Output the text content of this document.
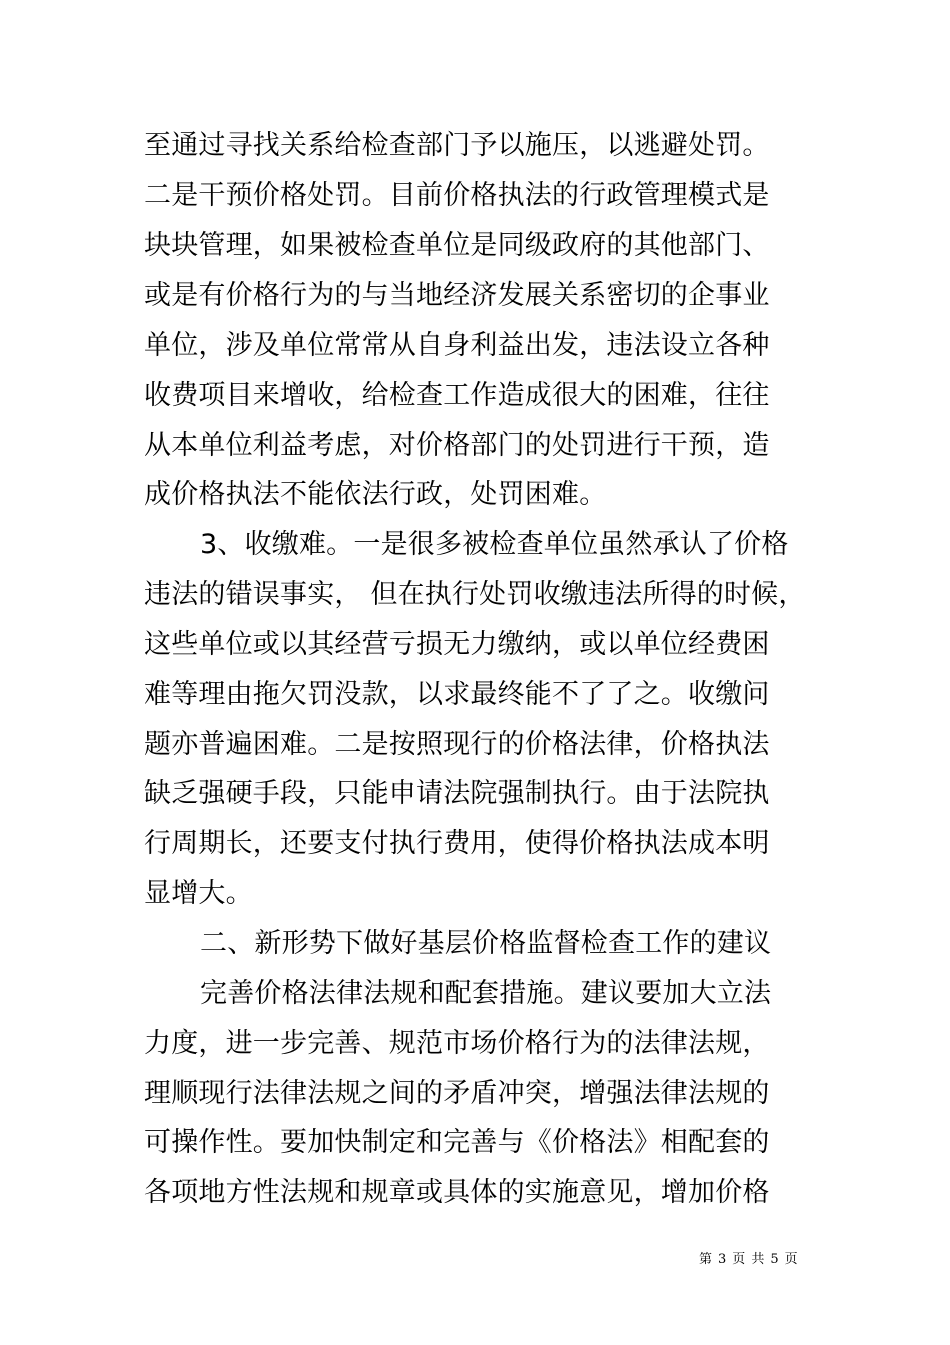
至通过寻找关系给检查部门予以施压，以逃避处罚。

二是干预价格处罚。目前价格执法的行政管理模式是

块块管理，如果被检查单位是同级政府的其他部门、

或是有价格行为的与当地经济发展关系密切的企事业

单位，涉及单位常常从自身利益出发，违法设立各种

收费项目来增收，给检查工作造成很大的困难，往往

从本单位利益考虑，对价格部门的处罚进行干预，造

成价格执法不能依法行政，处罚困难。

3、收缴难。一是很多被检查单位虽然承认了价格

违法的错误事实， 但在执行处罚收缴违法所得的时候，

这些单位或以其经营亏损无力缴纳，或以单位经费困

难等理由拖欠罚没款，以求最终能不了了之。收缴问

题亦普遍困难。二是按照现行的价格法律，价格执法

缺乏强硬手段，只能申请法院强制执行。由于法院执

行周期长，还要支付执行费用，使得价格执法成本明

显增大。

二、新形势下做好基层价格监督检查工作的建议

完善价格法律法规和配套措施。建议要加大立法

力度，进一步完善、规范市场价格行为的法律法规，

理顺现行法律法规之间的矛盾冲突，增强法律法规的

可操作性。要加快制定和完善与《价格法》相配套的

各项地方性法规和规章或具体的实施意见，增加价格

第 3 页 共 5 页
